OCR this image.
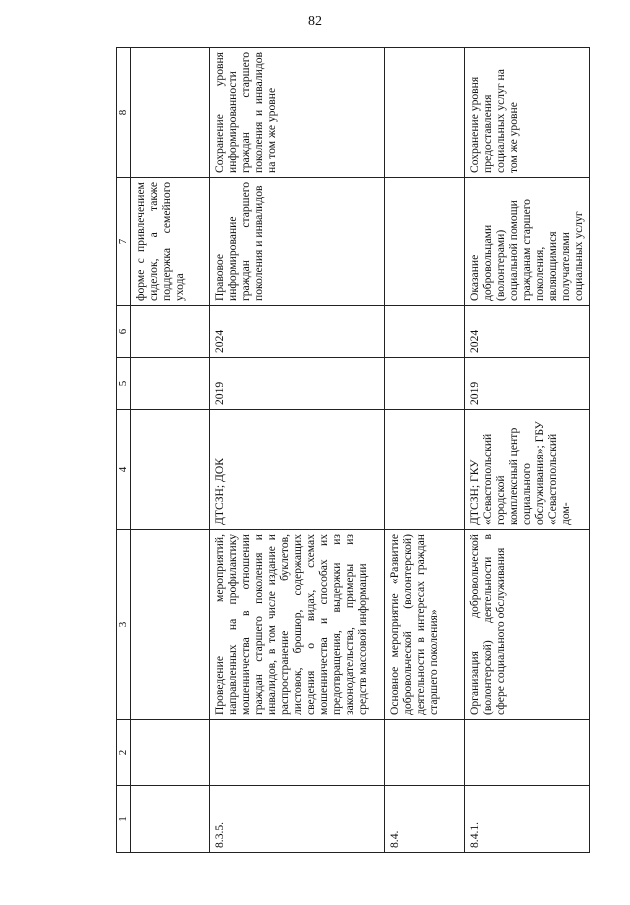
82
1	2	3	4	5	6	7	8
						форме с привлечением сиделок, а также поддержка семейного ухода	
8.3.5.		Проведение мероприятий, направленных на профилактику мошенничества в отношении граждан старшего поколения и инвалидов, в том числе издание и распространение буклетов, листовок, брошюр, содержащих сведения о видах, схемах мошенничества и способах их предотвращения, выдержки из законодательства, примеры из средств массовой информации	ДТСЗН; ДОК	2019	2024	Правовое информирование граждан старшего поколения и инвалидов	Сохранение уровня информированности граждан старшего поколения и инвалидов на том же уровне
8.4.		Основное мероприятие «Развитие добровольческой (волонтерской) деятельности в интересах граждан старшего поколения»					
8.4.1.		Организация добровольческой (волонтерской) деятельности в сфере социального обслуживания	ДТСЗН; ГКУ «Севастопольский городской комплексный центр социального обслуживания»; ГБУ «Севастопольский дом-	2019	2024	Оказание добровольцами (волонтерами) социальной помощи гражданам старшего поколения, являющимися получателями социальных услуг	Сохранение уровня предоставления социальных услуг на том же уровне
